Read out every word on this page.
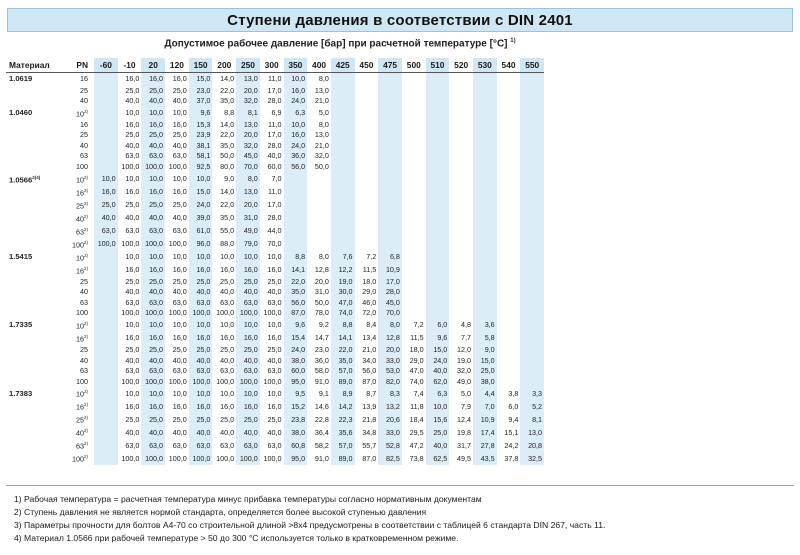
Ступени давления в соответствии с DIN 2401
Допустимое рабочее давление [бар] при расчетной температуре [°C] $^{1)}$
Материал	PN	-60	-10	20	120	150	200	250	300	350	400	425	450	475	500	510	520	530	540	550
1.0619	16		16,0	16,0	16,0	15,0	14,0	13,0	11,0	10,0	8,0									
	25		25,0	25,0	25,0	23,0	22,0	20,0	17,0	16,0	13,0									
	40		40,0	40,0	40,0	37,0	35,0	32,0	28,0	24,0	21,0									
1.0460	10$^{2)}$		10,0	10,0	10,0	9,6	8,8	8,1	6,9	6,3	5,0									
	16		16,0	16,0	16,0	15,3	14,0	13,0	11,0	10,0	8,0									
	25		25,0	25,0	25,0	23,9	22,0	20,0	17,0	16,0	13,0									
	40		40,0	40,0	40,0	38,1	35,0	32,0	28,0	24,0	21,0									
	63		63,0	63,0	63,0	58,1	50,0	45,0	40,0	36,0	32,0									
	100		100,0	100,0	100,0	92,5	80,0	70,0	60,0	56,0	50,0									
$1.0566^{2)4)}$	10$^{2)}$	10,0	10,0	10,0	10,0	10,0	9,0	8,0	7,0											
	16$^{2)}$	16,0	16,0	16,0	16,0	15,0	14,0	13,0	11,0											
	25$^{2)}$	25,0	25,0	25,0	25,0	24,0	22,0	20,0	17,0											
	40$^{2)}$	40,0	40,0	40,0	40,0	39,0	35,0	31,0	28,0											
	63$^{2)}$	63,0	63,0	63,0	63,0	61,0	55,0	49,0	44,0											
	100$^{2)}$	100,0	100,0	100,0	100,0	96,0	88,0	79,0	70,0											
1.5415	10$^{2)}$		10,0	10,0	10,0	10,0	10,0	10,0	10,0	8,8	8,0	7,6	7,2	6,8						
	16$^{2)}$		16,0	16,0	16,0	16,0	16,0	16,0	16,0	14,1	12,8	12,2	11,5	10,9						
	25		25,0	25,0	25,0	25,0	25,0	25,0	25,0	22,0	20,0	19,0	18,0	17,0						
	40		40,0	40,0	40,0	40,0	40,0	40,0	40,0	35,0	31,0	30,0	29,0	28,0						
	63		63,0	63,0	63,0	63,0	63,0	63,0	63,0	56,0	50,0	47,0	46,0	45,0						
	100		100,0	100,0	100,0	100,0	100,0	100,0	100,0	87,0	78,0	74,0	72,0	70,0						
1.7335	10$^{2)}$		10,0	10,0	10,0	10,0	10,0	10,0	10,0	9,6	9,2	8,8	8,4	8,0	7,2	6,0	4,8	3,6		
	16$^{2)}$		16,0	16,0	16,0	16,0	16,0	16,0	16,0	15,4	14,7	14,1	13,4	12,8	11,5	9,6	7,7	5,8		
	25		25,0	25,0	25,0	25,0	25,0	25,0	25,0	24,0	23,0	22,0	21,0	20,0	18,0	15,0	12,0	9,0		
	40		40,0	40,0	40,0	40,0	40,0	40,0	40,0	38,0	36,0	35,0	34,0	33,0	29,0	24,0	19,0	15,0		
	63		63,0	63,0	63,0	63,0	63,0	63,0	63,0	60,0	58,0	57,0	56,0	53,0	47,0	40,0	32,0	25,0		
	100		100,0	100,0	100,0	100,0	100,0	100,0	100,0	95,0	91,0	89,0	87,0	82,0	74,0	62,0	49,0	38,0		
1.7383	10$^{2)}$		10,0	10,0	10,0	10,0	10,0	10,0	10,0	9,5	9,1	8,9	8,7	8,3	7,4	6,3	5,0	4,4	3,8	3,3
	16$^{2)}$		16,0	16,0	16,0	16,0	16,0	16,0	16,0	15,2	14,6	14,2	13,9	13,2	11,8	10,0	7,9	7,0	6,0	5,2
	25$^{2)}$		25,0	25,0	25,0	25,0	25,0	25,0	25,0	23,8	22,8	22,3	21,8	20,6	18,4	15,6	12,4	10,9	9,4	8,1
	40$^{2)}$		40,0	40,0	40,0	40,0	40,0	40,0	40,0	38,0	36,4	35,6	34,8	33,0	29,5	25,0	19,8	17,4	15,1	13,0
	63$^{2)}$		63,0	63,0	63,0	63,0	63,0	63,0	63,0	60,8	58,2	57,0	55,7	52,8	47,2	40,0	31,7	27,8	24,2	20,8
	100$^{2)}$		100,0	100,0	100,0	100,0	100,0	100,0	100,0	95,0	91,0	89,0	87,0	82,5	73,8	62,5	49,5	43,5	37,8	32,5
1) Рабочая температура = расчетная температура минус прибавка температуры согласно нормативным документам
2) Ступень давления не является нормой стандарта, определяется более высокой ступенью давления
3) Параметры прочности для болтов А4-70 со строительной длиной >8х4 предусмотрены в соответствии с таблицей 6 стандарта DIN 267, часть 11.
4) Материал 1.0566 при рабочей температуре > 50 до 300 °C используется только в кратковременном режиме.
